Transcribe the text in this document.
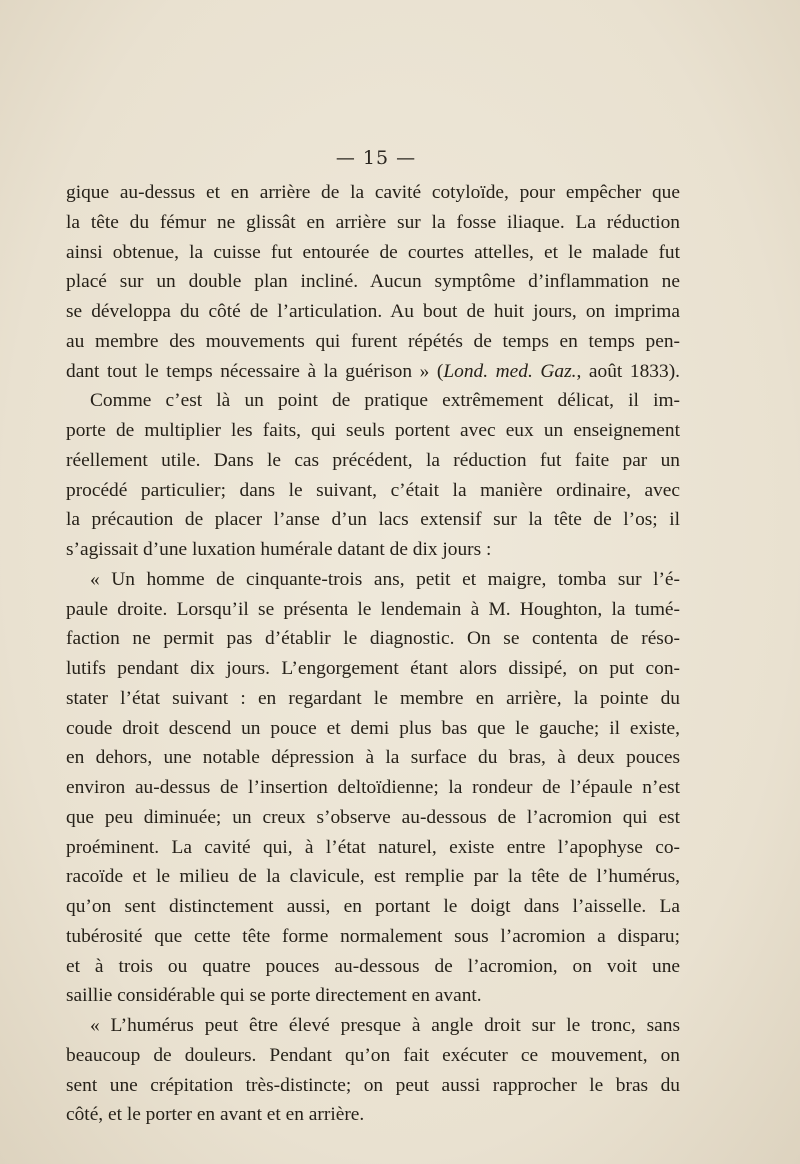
— 15 —
gique au-dessus et en arrière de la cavité cotyloïde, pour empêcher que
la tête du fémur ne glissât en arrière sur la fosse iliaque. La réduction
ainsi obtenue, la cuisse fut entourée de courtes attelles, et le malade fut
placé sur un double plan incliné. Aucun symptôme d’inflammation ne
se développa du côté de l’articulation. Au bout de huit jours, on imprima
au membre des mouvements qui furent répétés de temps en temps pen-
dant tout le temps nécessaire à la guérison » (Lond. med. Gaz., août 1833).
Comme c’est là un point de pratique extrêmement délicat, il im-
porte de multiplier les faits, qui seuls portent avec eux un enseignement
réellement utile. Dans le cas précédent, la réduction fut faite par un
procédé particulier; dans le suivant, c’était la manière ordinaire, avec
la précaution de placer l’anse d’un lacs extensif sur la tête de l’os; il
s’agissait d’une luxation humérale datant de dix jours :
« Un homme de cinquante-trois ans, petit et maigre, tomba sur l’é-
paule droite. Lorsqu’il se présenta le lendemain à M. Houghton, la tumé-
faction ne permit pas d’établir le diagnostic. On se contenta de réso-
lutifs pendant dix jours. L’engorgement étant alors dissipé, on put con-
stater l’état suivant : en regardant le membre en arrière, la pointe du
coude droit descend un pouce et demi plus bas que le gauche; il existe,
en dehors, une notable dépression à la surface du bras, à deux pouces
environ au-dessus de l’insertion deltoïdienne; la rondeur de l’épaule n’est
que peu diminuée; un creux s’observe au-dessous de l’acromion qui est
proéminent. La cavité qui, à l’état naturel, existe entre l’apophyse co-
racoïde et le milieu de la clavicule, est remplie par la tête de l’humérus,
qu’on sent distinctement aussi, en portant le doigt dans l’aisselle. La
tubérosité que cette tête forme normalement sous l’acromion a disparu;
et à trois ou quatre pouces au-dessous de l’acromion, on voit une
saillie considérable qui se porte directement en avant.
« L’humérus peut être élevé presque à angle droit sur le tronc, sans
beaucoup de douleurs. Pendant qu’on fait exécuter ce mouvement, on
sent une crépitation très-distincte; on peut aussi rapprocher le bras du
côté, et le porter en avant et en arrière.
